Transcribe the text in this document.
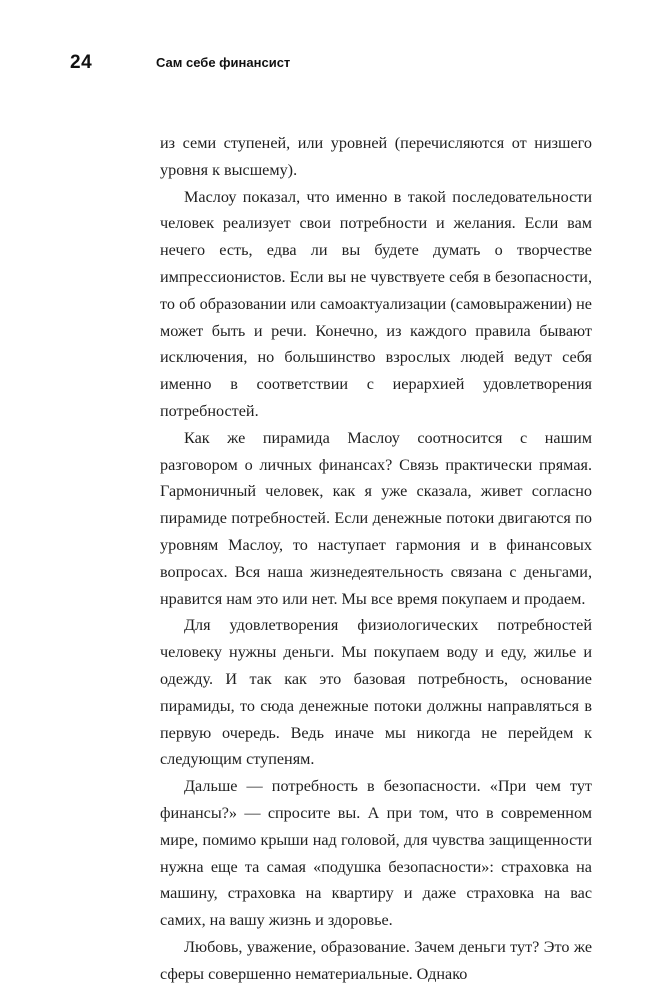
24	Сам себе финансист

из семи ступеней, или уровней (перечисляются от низшего уровня к высшему).

Маслоу показал, что именно в такой последовательности человек реализует свои потребности и желания. Если вам нечего есть, едва ли вы будете думать о творчестве импрессионистов. Если вы не чувствуете себя в безопасности, то об образовании или самоактуализации (самовыражении) не может быть и речи. Конечно, из каждого правила бывают исключения, но большинство взрослых людей ведут себя именно в соответствии с иерархией удовлетворения потребностей.

Как же пирамида Маслоу соотносится с нашим разговором о личных финансах? Связь практически прямая. Гармоничный человек, как я уже сказала, живет согласно пирамиде потребностей. Если денежные потоки двигаются по уровням Маслоу, то наступает гармония и в финансовых вопросах. Вся наша жизнедеятельность связана с деньгами, нравится нам это или нет. Мы все время покупаем и продаем.

Для удовлетворения физиологических потребностей человеку нужны деньги. Мы покупаем воду и еду, жилье и одежду. И так как это базовая потребность, основание пирамиды, то сюда денежные потоки должны направляться в первую очередь. Ведь иначе мы никогда не перейдем к следующим ступеням.

Дальше — потребность в безопасности. «При чем тут финансы?» — спросите вы. А при том, что в современном мире, помимо крыши над головой, для чувства защищенности нужна еще та самая «подушка безопасности»: страховка на машину, страховка на квартиру и даже страховка на вас самих, на вашу жизнь и здоровье.

Любовь, уважение, образование. Зачем деньги тут? Это же сферы совершенно нематериальные. Однако
